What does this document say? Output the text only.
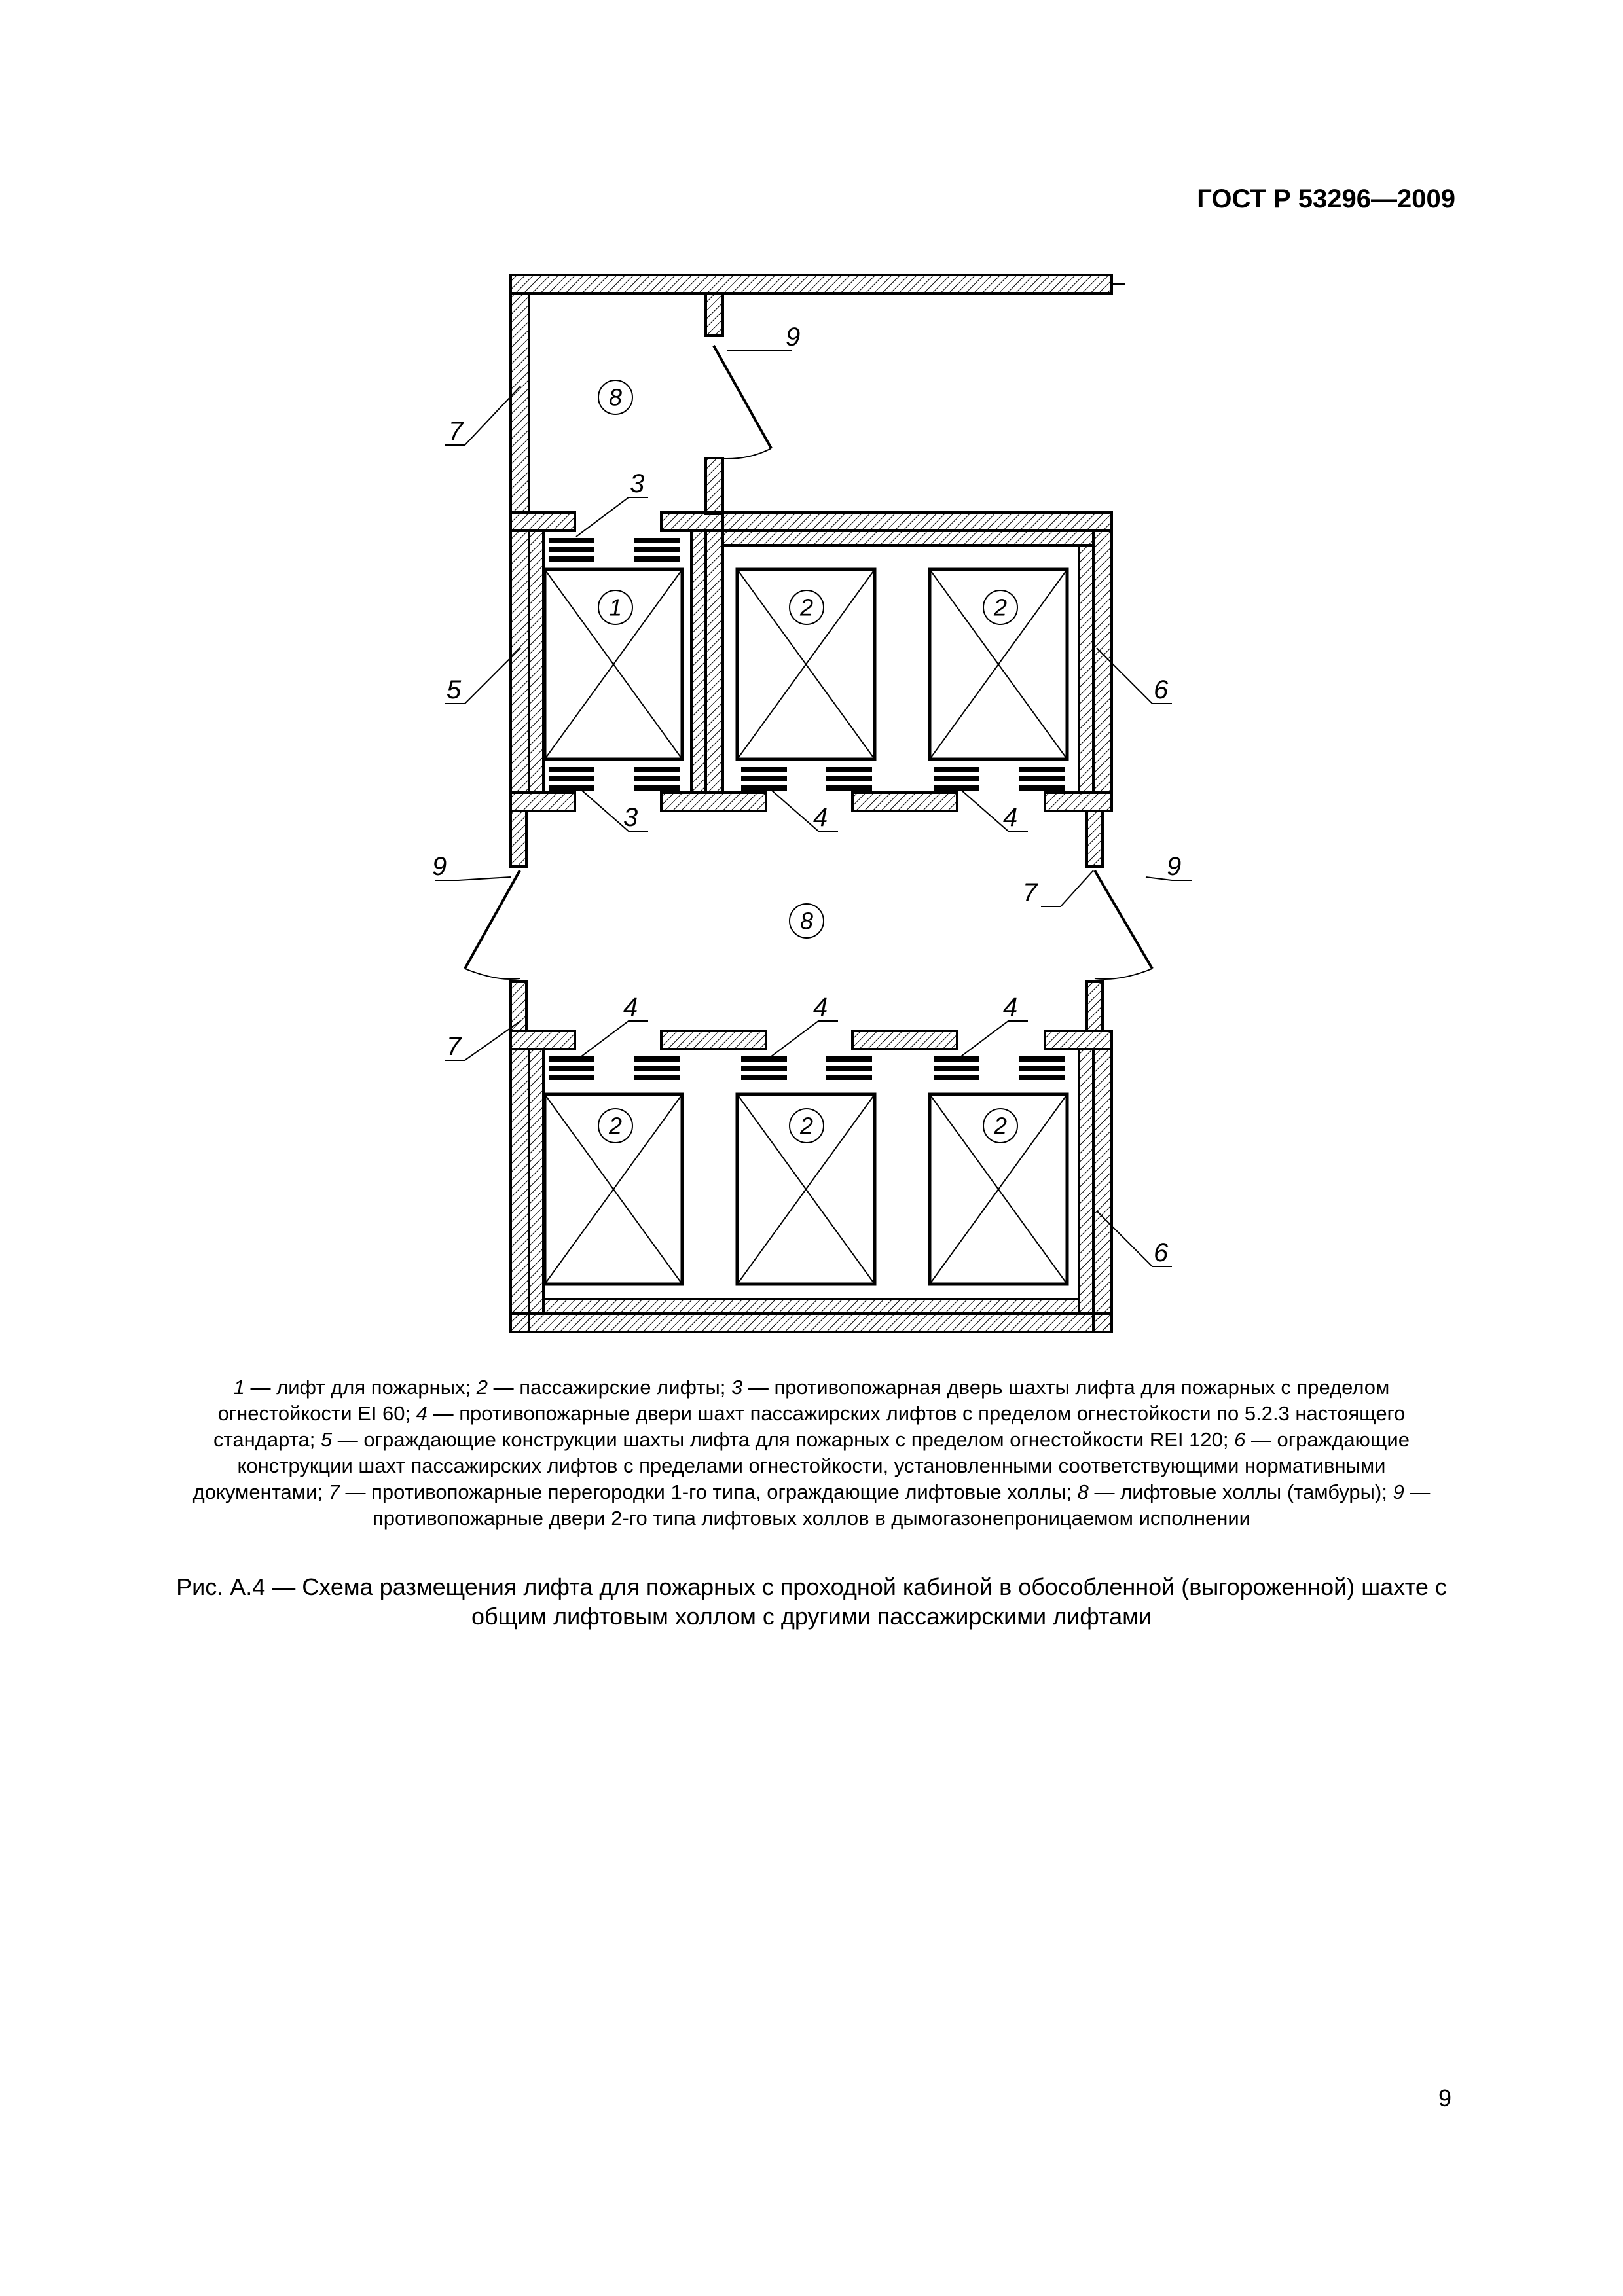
ГОСТ Р 53296—2009
8
1	2	2
8
2	2	2
7
9
3
5	6
3	4	4
9
7
9
7
4	4	4
6
1 — лифт для пожарных; 2 — пассажирские лифты; 3 — противопожарная дверь шахты лифта для пожарных с пределом огнестойкости EI 60; 4 — противопожарные двери шахт пассажирских лифтов с пределом огнестойкости по 5.2.3 настоящего стандарта; 5 — ограждающие конструкции шахты лифта для пожарных с пределом огнестойкости REI 120; 6 — ограждающие конструкции шахт пассажирских лифтов с пределами огнестойкости, установленными соответствующими нормативными документами; 7 — противопожарные перегородки 1-го типа, ограждающие лифтовые холлы; 8 — лифтовые холлы (тамбуры); 9 — противопожарные двери 2-го типа лифтовых холлов в дымогазонепроницаемом исполнении
Рис. А.4 — Схема размещения лифта для пожарных с проходной кабиной в обособленной (выгороженной) шахте с общим лифтовым холлом с другими пассажирскими лифтами
9
